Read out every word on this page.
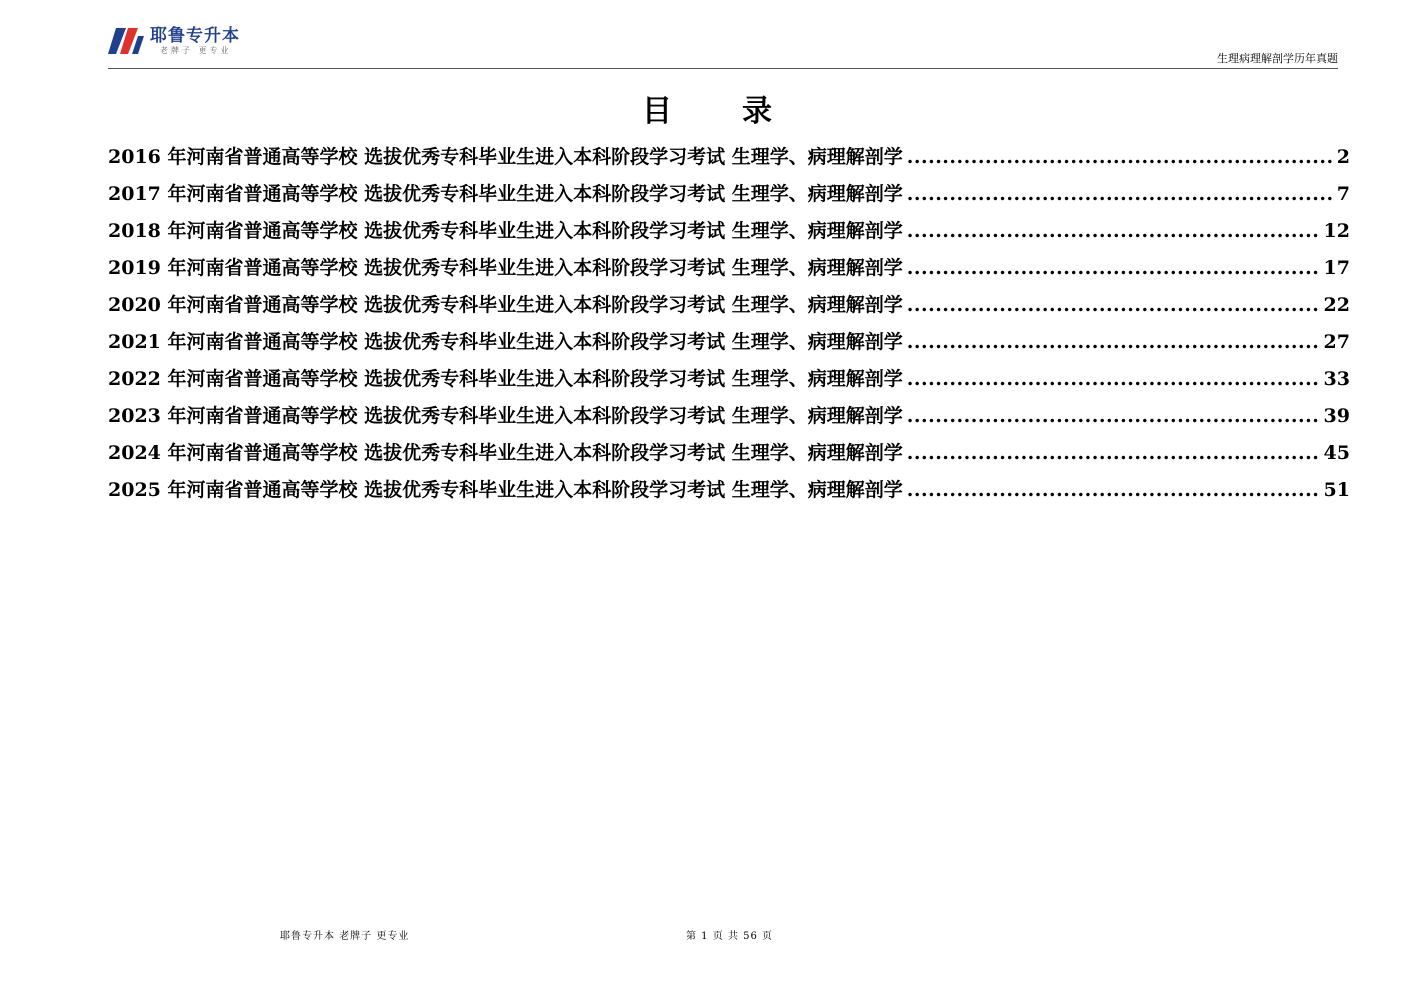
耶鲁专升本
老牌子 更专业
生理病理解剖学历年真题
目 录
2016 年河南省普通高等学校 选拔优秀专科毕业生进入本科阶段学习考试 生理学、病理解剖学 .....	2
2017 年河南省普通高等学校 选拔优秀专科毕业生进入本科阶段学习考试 生理学、病理解剖学 .....	7
2018 年河南省普通高等学校 选拔优秀专科毕业生进入本科阶段学习考试 生理学、病理解剖学 .....	12
2019 年河南省普通高等学校 选拔优秀专科毕业生进入本科阶段学习考试 生理学、病理解剖学 .....	17
2020 年河南省普通高等学校 选拔优秀专科毕业生进入本科阶段学习考试 生理学、病理解剖学 .....	22
2021 年河南省普通高等学校 选拔优秀专科毕业生进入本科阶段学习考试 生理学、病理解剖学 .....	27
2022 年河南省普通高等学校 选拔优秀专科毕业生进入本科阶段学习考试 生理学、病理解剖学 .....	33
2023 年河南省普通高等学校 选拔优秀专科毕业生进入本科阶段学习考试 生理学、病理解剖学 .....	39
2024 年河南省普通高等学校 选拔优秀专科毕业生进入本科阶段学习考试 生理学、病理解剖学 .....	45
2025 年河南省普通高等学校 选拔优秀专科毕业生进入本科阶段学习考试 生理学、病理解剖学 .....	51
耶鲁专升本 老牌子 更专业	第 1 页 共 56 页
